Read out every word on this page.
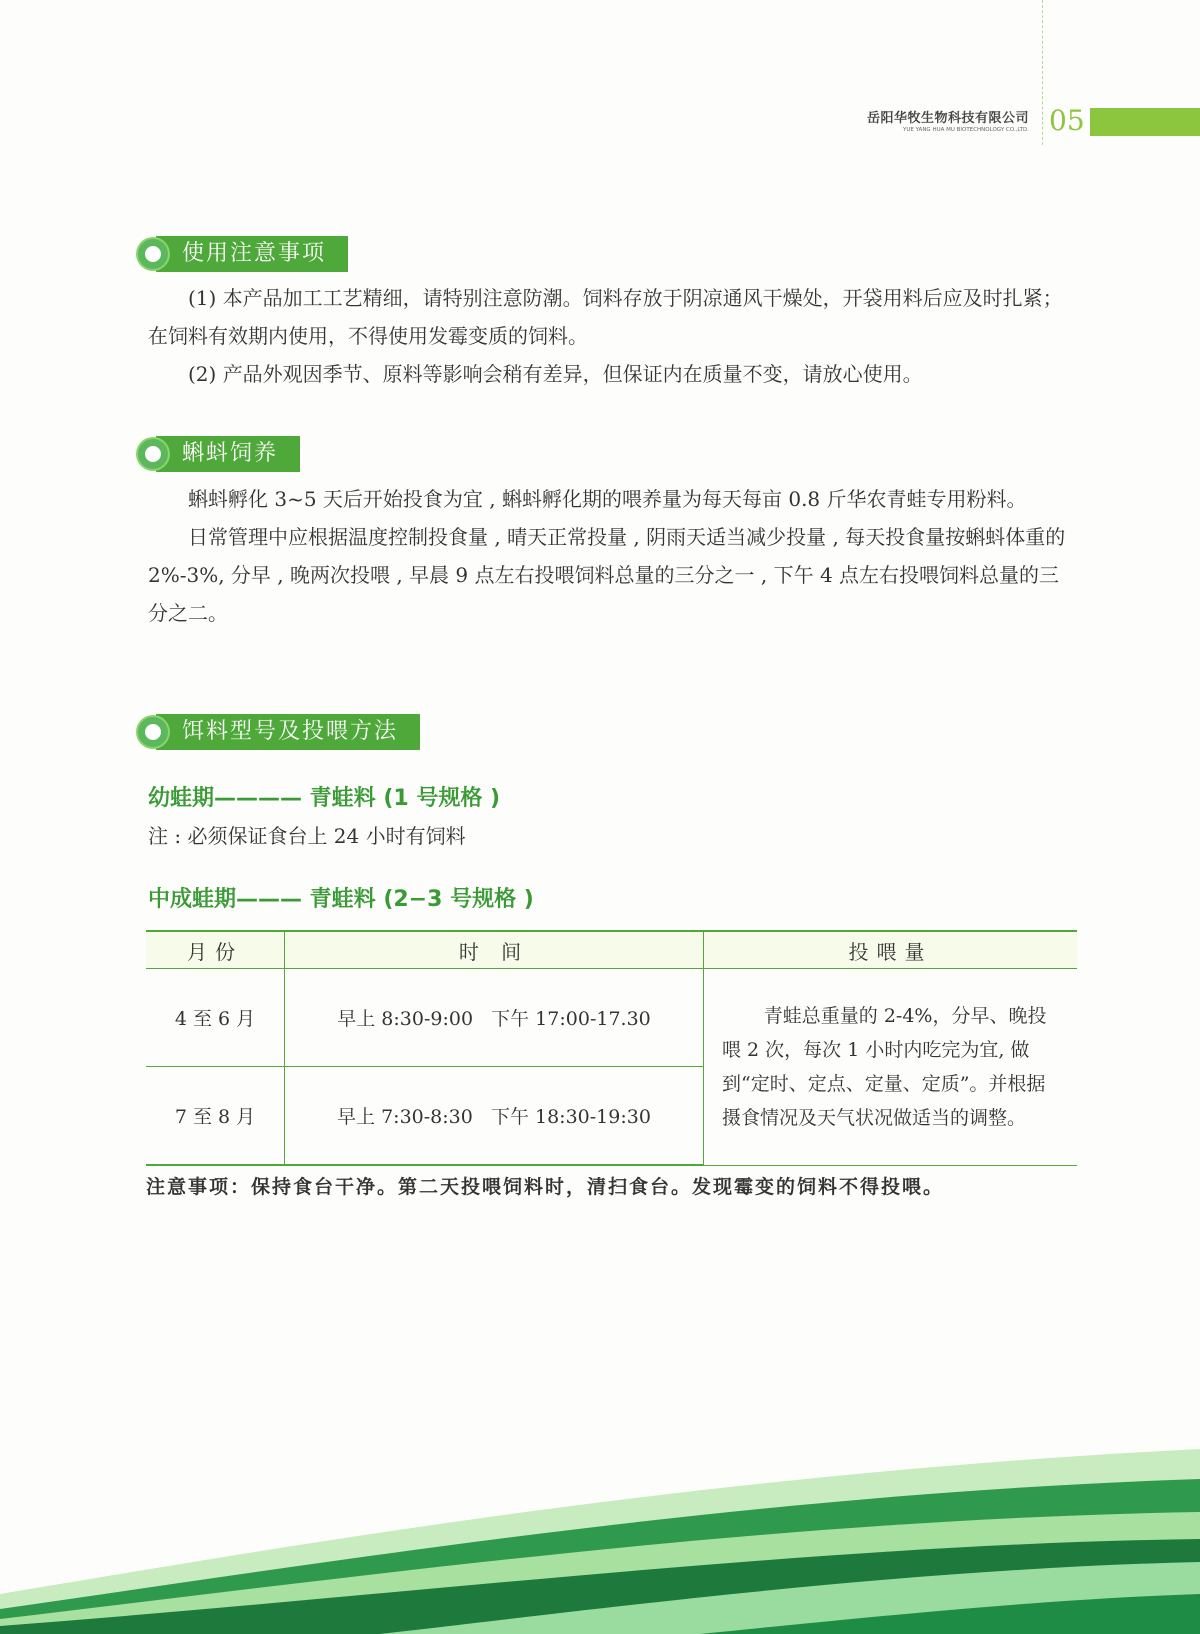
岳阳华牧生物科技有限公司
YUE YANG HUA MU BIOTECHNOLOGY CO.,LTD. 05
使用注意事项

(1) 本产品加工工艺精细，请特别注意防潮。饲料存放于阴凉通风干燥处，开袋用料后应及时扎紧；在饲料有效期内使用，不得使用发霉变质的饲料。

(2) 产品外观因季节、原料等影响会稍有差异，但保证内在质量不变，请放心使用。

蝌蚪饲养

蝌蚪孵化 3~5 天后开始投食为宜 , 蝌蚪孵化期的喂养量为每天每亩 0.8 斤华农青蛙专用粉料。

日常管理中应根据温度控制投食量 , 晴天正常投量 , 阴雨天适当减少投量 , 每天投食量按蝌蚪体重的 2%-3%, 分早 , 晚两次投喂 , 早晨 9 点左右投喂饲料总量的三分之一 , 下午 4 点左右投喂饲料总量的三分之二。

饵料型号及投喂方法
幼蛙期———— 青蛙料 (1 号规格 )
注 : 必须保证食台上 24 小时有饲料
中成蛙期——— 青蛙料 (2−3 号规格 )
月份	时 间	投喂量
4 至 6 月	早上 8:30-9:00   下午 17:00-17.30	青蛙总重量的 2-4%，分早、晚投喂 2 次，每次 1 小时内吃完为宜, 做到“定时、定点、定量、定质”。并根据摄食情况及天气状况做适当的调整。

7 至 8 月	早上 7:30-8:30   下午 18:30-19:30	
注意事项：保持食台干净。第二天投喂饲料时，清扫食台。发现霉变的饲料不得投喂。
